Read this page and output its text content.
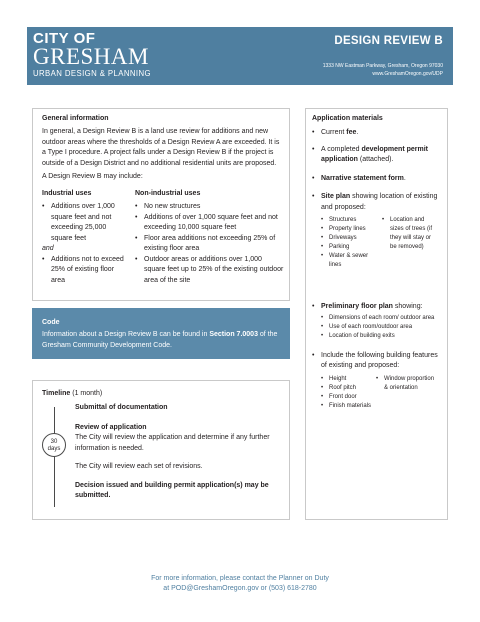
CITY OF
GRESHAM
URBAN DESIGN & PLANNING
DESIGN REVIEW B
1333 NW Eastman Parkway, Gresham, Oregon 97030
www.GreshamOregon.gov/UDP
General information
In general, a Design Review B is a land use review for additions and new outdoor areas where the thresholds of a Design Review A are exceeded. It is a Type I procedure. A project falls under a Design Review B if the project is outside of a Design District and no additional residential units are proposed.
A Design Review B may include:
Industrial uses
• Additions over 1,000 square feet and not exceeding 25,000 square feet
and
• Additions not to exceed 25% of existing floor area
Non-industrial uses
• No new structures
• Additions of over 1,000 square feet and not exceeding 10,000 square feet
• Floor area additions not exceeding 25% of existing floor area
• Outdoor areas or additions over 1,000 square feet up to 25% of the existing outdoor area of the site
Code
Information about a Design Review B can be found in Section 7.0003 of the Gresham Community Development Code.
Timeline (1 month)
30
days
Submittal of documentation
Review of application
The City will review the application and determine if any further information is needed.
The City will review each set of revisions.
Decision issued and building permit application(s) may be submitted.
Application materials
• Current fee.
• A completed development permit application (attached).
• Narrative statement form.
• Site plan showing location of existing and proposed:
• Structures
• Property lines
• Driveways
• Parking
• Water & sewer lines
• Location and sizes of trees (if they will stay or be removed)
• Preliminary floor plan showing:
• Dimensions of each room/ outdoor area
• Use of each room/outdoor area
• Location of building exits
• Include the following building features of existing and proposed:
• Height
• Roof pitch
• Front door
• Finish materials
• Window proportion & orientation
For more information, please contact the Planner on Duty
at POD@GreshamOregon.gov or (503) 618-2780
